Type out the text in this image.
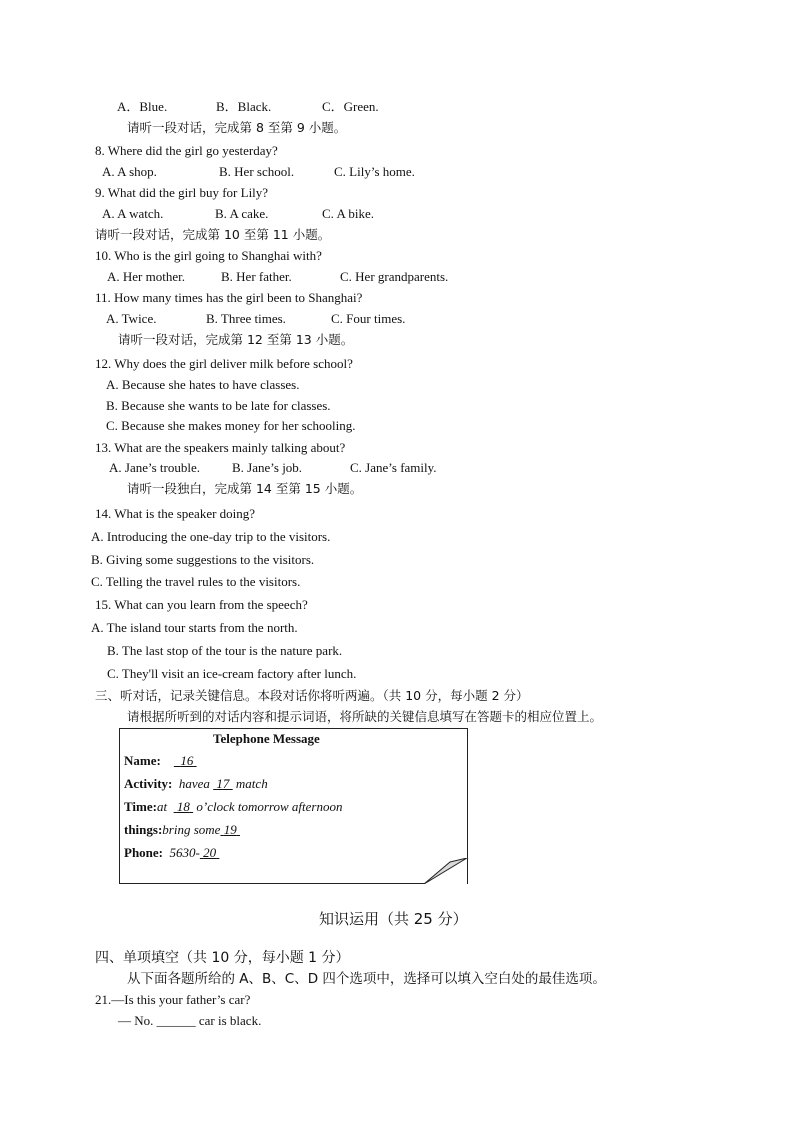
A．Blue.	B．Black.	C．Green.
请听一段对话，完成第 8 至第 9 小题。
8. Where did the girl go yesterday?
A. A shop.	B. Her school.	C. Lily’s home.
9. What did the girl buy for Lily?
A. A watch.	B. A cake.	C. A bike.
请听一段对话，完成第 10 至第 11 小题。
10. Who is the girl going to Shanghai with?
A. Her mother.	B. Her father.	C. Her grandparents.
11. How many times has the girl been to Shanghai?
A. Twice.	B. Three times.	C. Four times.
请听一段对话，完成第 12 至第 13 小题。
12. Why does the girl deliver milk before school?
A. Because she hates to have classes.
B. Because she wants to be late for classes.
C. Because she makes money for her schooling.
13. What are the speakers mainly talking about?
A. Jane’s trouble. B. Jane’s job.	C. Jane’s family.
请听一段独白，完成第 14 至第 15 小题。
14. What is the speaker doing?
A. Introducing the one-day trip to the visitors.
B. Giving some suggestions to the visitors.
C. Telling the travel rules to the visitors.
15. What can you learn from the speech?
A. The island tour starts from the north.
B. The last stop of the tour is the nature park.
C. They'll visit an ice-cream factory after lunch.
三、听对话，记录关键信息。本段对话你将听两遍。（共 10 分，每小题 2 分）
请根据所听到的对话内容和提示词语，将所缺的关键信息填写在答题卡的相应位置上。
Telephone Message
Name: 16
Activity: havea 17 match
Time:at 18 o’clock tomorrow afternoon
things:bring some 19
Phone: 5630- 20
知识运用（共 25 分）
四、单项填空（共 10 分，每小题 1 分）
从下面各题所给的 A、B、C、D 四个选项中，选择可以填入空白处的最佳选项。
21.—Is this your father’s car?
— No. ______ car is black.
